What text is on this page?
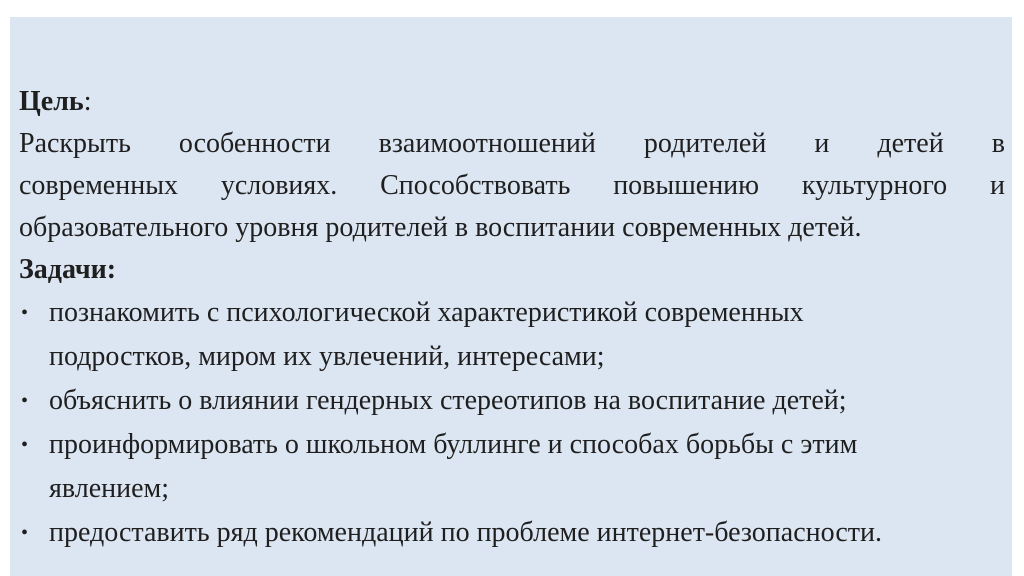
Цель:
Раскрыть особенности взаимоотношений родителей и детей в
современных условиях. Способствовать повышению культурного и
образовательного уровня родителей в воспитании современных детей.
Задачи:
• познакомить с психологической характеристикой современных
подростков, миром их увлечений, интересами;
• объяснить о влиянии гендерных стереотипов на воспитание детей;
• проинформировать о школьном буллинге и способах борьбы с этим
явлением;
• предоставить ряд рекомендаций по проблеме интернет-безопасности.
